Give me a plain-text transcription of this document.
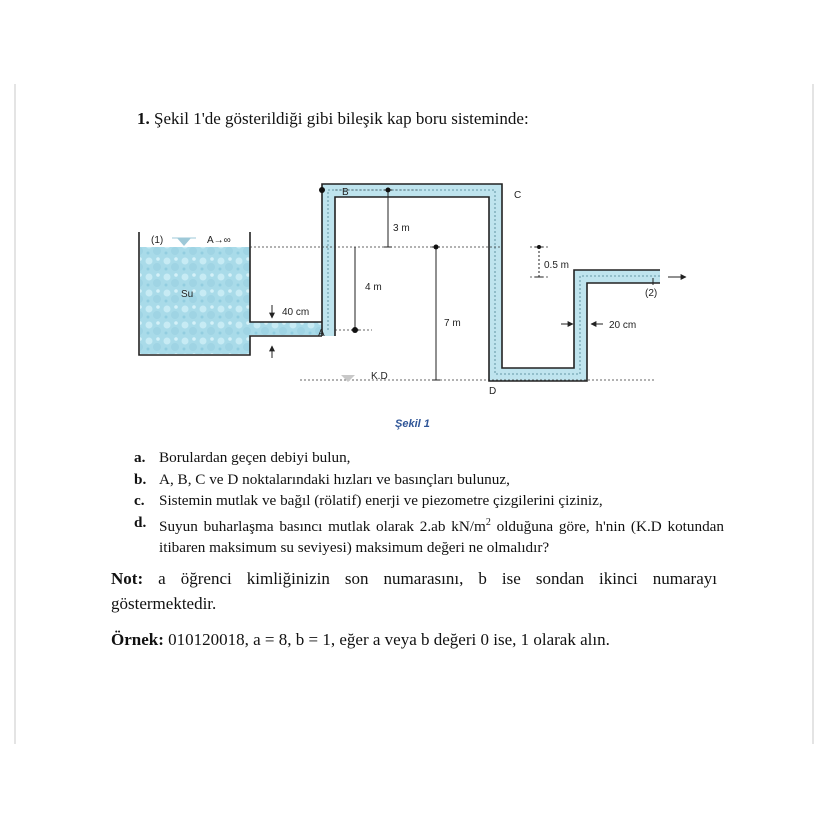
1. Şekil 1'de gösterildiği gibi bileşik kap boru sisteminde:
(1)	A→∞
Su
40 cm
A
B
3 m
4 m
7 m
C
D
K.D
0.5 m
20 cm
(2)
Şekil 1
a. Borulardan geçen debiyi bulun,
b. A, B, C ve D noktalarındaki hızları ve basınçları bulunuz,
c. Sistemin mutlak ve bağıl (rölatif) enerji ve piezometre çizgilerini çiziniz,
d. Suyun buharlaşma basıncı mutlak olarak 2.ab $kN/m^2$ olduğuna göre, h'nin (K.D kotundan itibaren maksimum su seviyesi) maksimum değeri ne olmalıdır?
Not: a öğrenci kimliğinizin son numarasını, b ise sondan ikinci numarayı göstermektedir.
Örnek: 010120018, a = 8, b = 1, eğer a veya b değeri 0 ise, 1 olarak alın.
